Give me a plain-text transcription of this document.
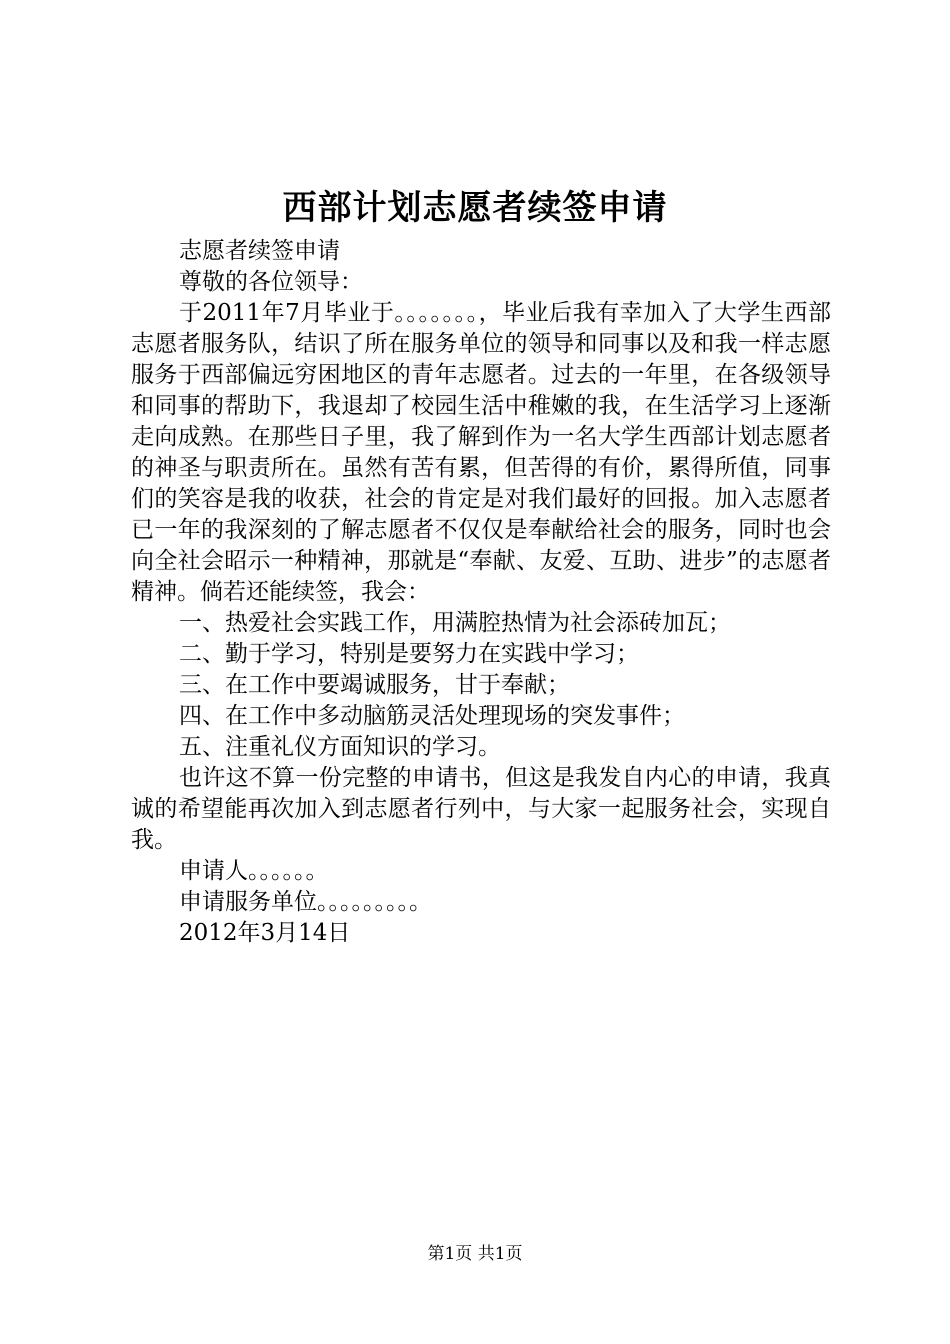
西部计划志愿者续签申请

志愿者续签申请

尊敬的各位领导：

于2011年7月毕业于。。。。。。。，毕业后我有幸加入了大学生西部志愿者服务队，结识了所在服务单位的领导和同事以及和我一样志愿服务于西部偏远穷困地区的青年志愿者。过去的一年里，在各级领导和同事的帮助下，我退却了校园生活中稚嫩的我，在生活学习上逐渐走向成熟。在那些日子里，我了解到作为一名大学生西部计划志愿者的神圣与职责所在。虽然有苦有累，但苦得的有价，累得所值，同事们的笑容是我的收获，社会的肯定是对我们最好的回报。加入志愿者已一年的我深刻的了解志愿者不仅仅是奉献给社会的服务，同时也会向全社会昭示一种精神，那就是“奉献、友爱、互助、进步”的志愿者精神。倘若还能续签，我会：

一、热爱社会实践工作，用满腔热情为社会添砖加瓦；

二、勤于学习，特别是要努力在实践中学习；

三、在工作中要竭诚服务，甘于奉献；

四、在工作中多动脑筋灵活处理现场的突发事件；

五、注重礼仪方面知识的学习。

也许这不算一份完整的申请书，但这是我发自内心的申请，我真诚的希望能再次加入到志愿者行列中，与大家一起服务社会，实现自我。

申请人。。。。。。

申请服务单位。。。。。。。。。

2012年3月14日

第1页 共1页
